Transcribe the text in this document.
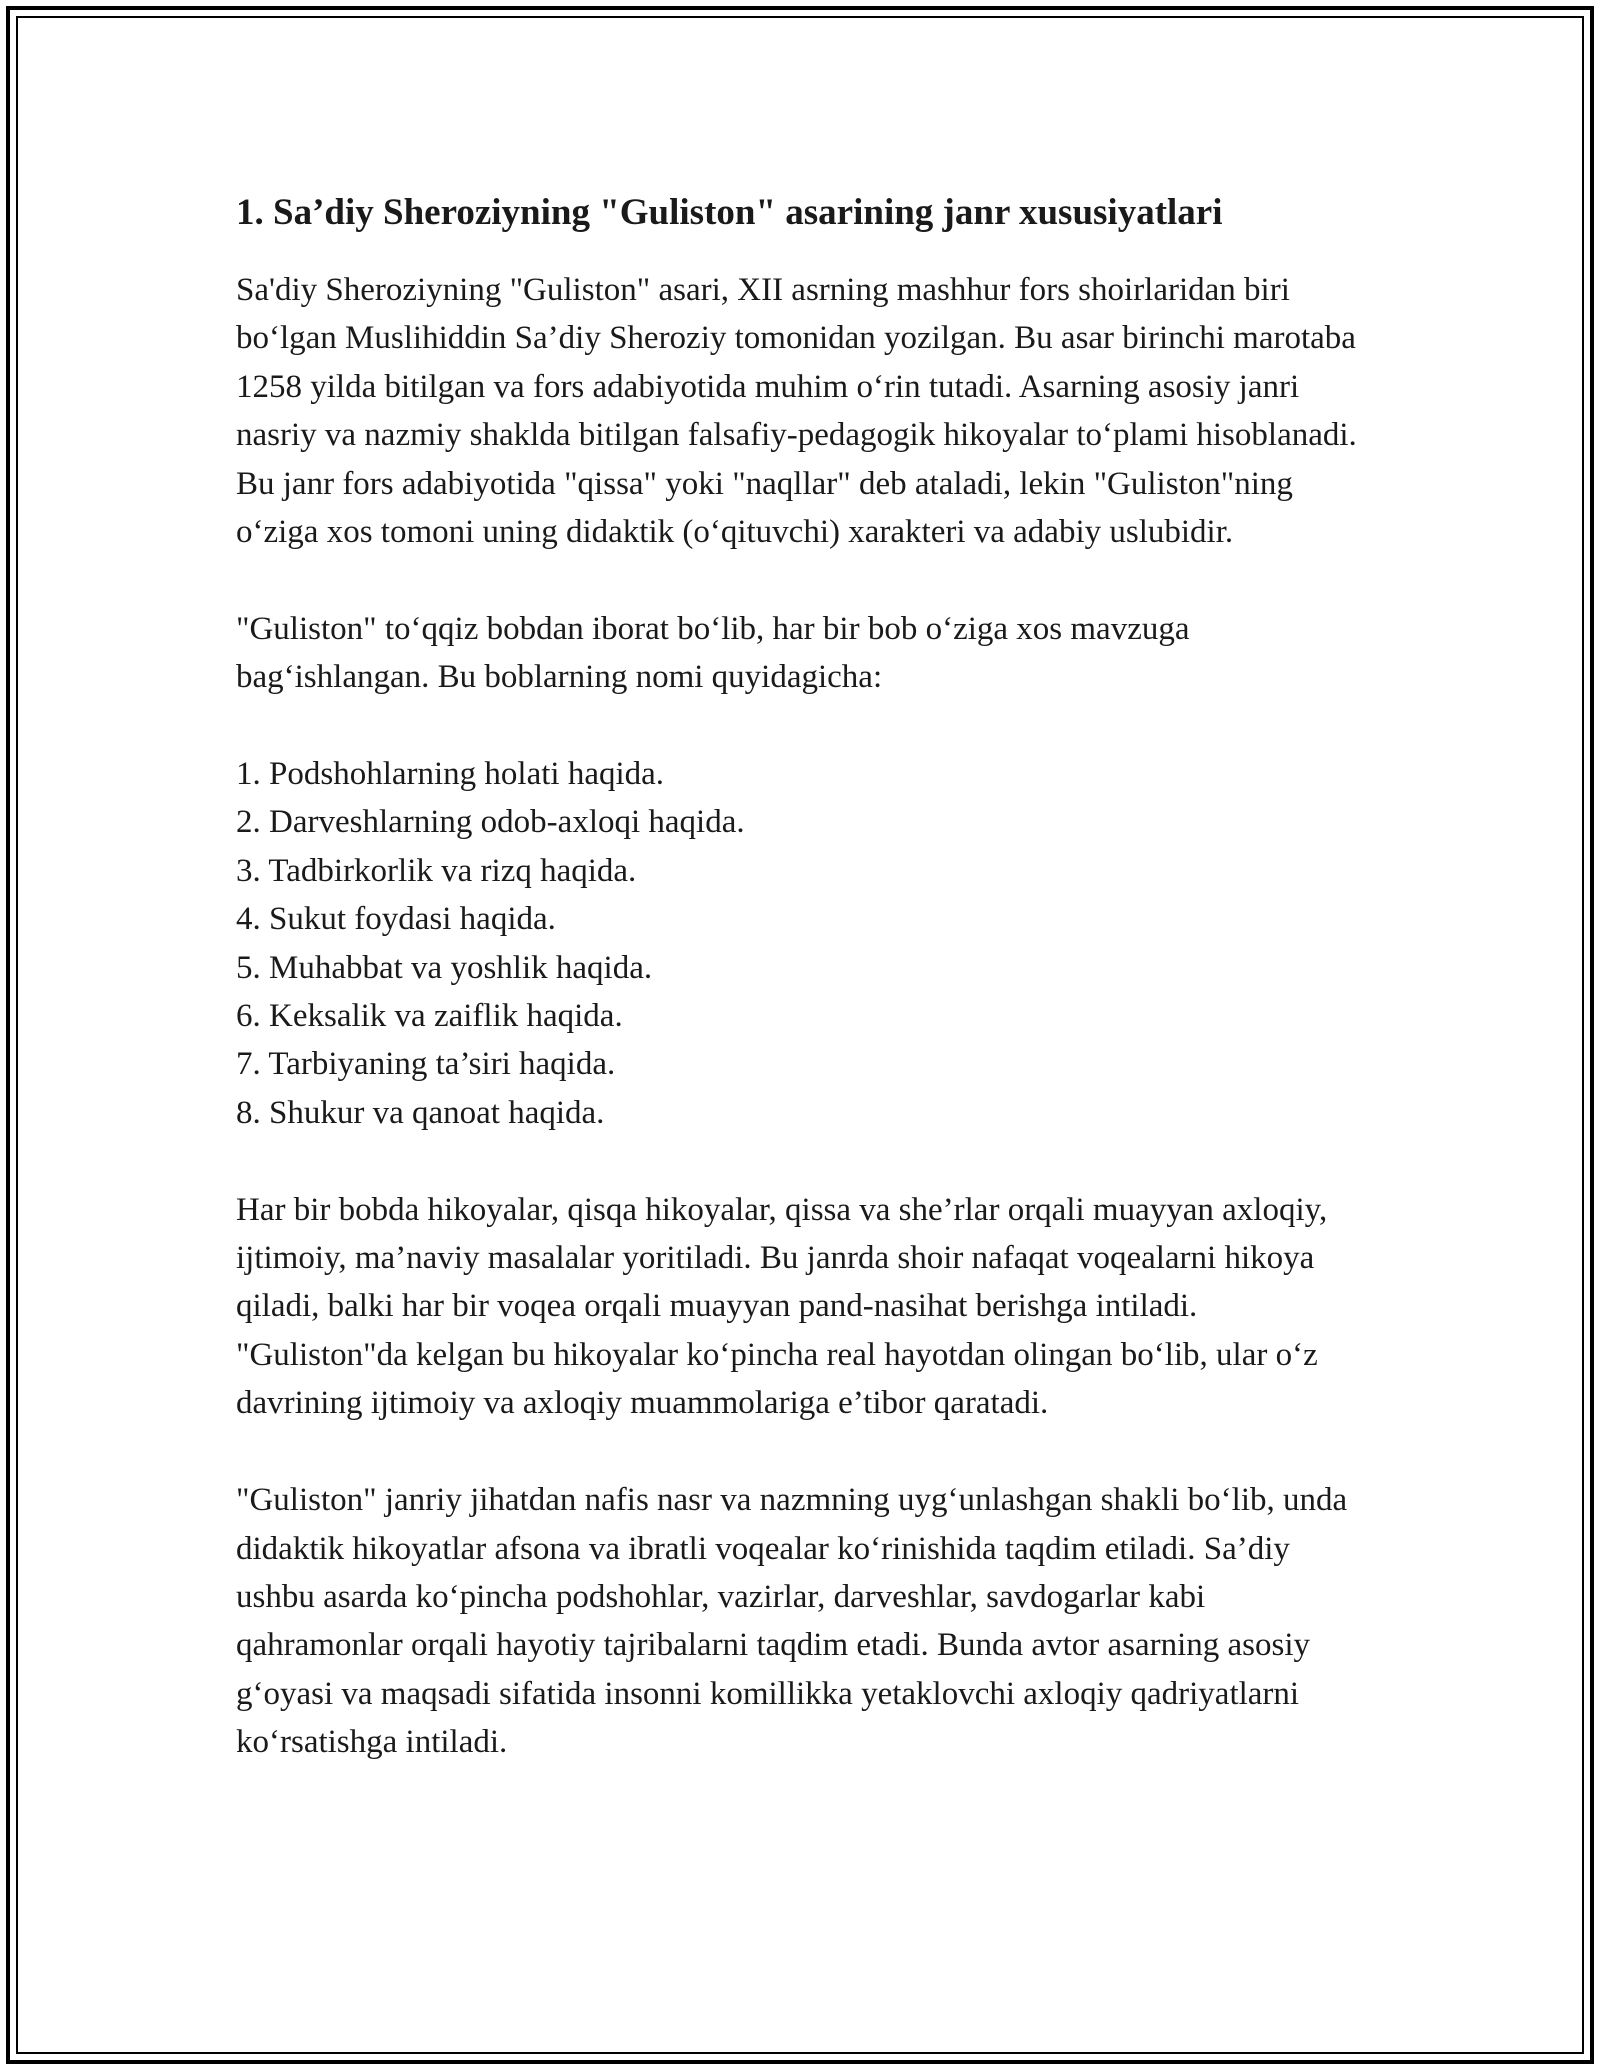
1. Sa’diy Sheroziyning "Guliston" asarining janr xususiyatlari

Sa'diy Sheroziyning "Guliston" asari, XII asrning mashhur fors shoirlaridan biri bo‘lgan Muslihiddin Sa’diy Sheroziy tomonidan yozilgan. Bu asar birinchi marotaba 1258 yilda bitilgan va fors adabiyotida muhim o‘rin tutadi. Asarning asosiy janri nasriy va nazmiy shaklda bitilgan falsafiy-pedagogik hikoyalar to‘plami hisoblanadi. Bu janr fors adabiyotida "qissa" yoki "naqllar" deb ataladi, lekin "Guliston"ning o‘ziga xos tomoni uning didaktik (o‘qituvchi) xarakteri va adabiy uslubidir.

"Guliston" to‘qqiz bobdan iborat bo‘lib, har bir bob o‘ziga xos mavzuga bag‘ishlangan. Bu boblarning nomi quyidagicha:

1. Podshohlarning holati haqida.
2. Darveshlarning odob-axloqi haqida.
3. Tadbirkorlik va rizq haqida.
4. Sukut foydasi haqida.
5. Muhabbat va yoshlik haqida.
6. Keksalik va zaiflik haqida.
7. Tarbiyaning ta’siri haqida.
8. Shukur va qanoat haqida.

Har bir bobda hikoyalar, qisqa hikoyalar, qissa va she’rlar orqali muayyan axloqiy, ijtimoiy, ma’naviy masalalar yoritiladi. Bu janrda shoir nafaqat voqealarni hikoya qiladi, balki har bir voqea orqali muayyan pand-nasihat berishga intiladi. "Guliston"da kelgan bu hikoyalar ko‘pincha real hayotdan olingan bo‘lib, ular o‘z davrining ijtimoiy va axloqiy muammolariga e’tibor qaratadi.

"Guliston" janriy jihatdan nafis nasr va nazmning uyg‘unlashgan shakli bo‘lib, unda didaktik hikoyatlar afsona va ibratli voqealar ko‘rinishida taqdim etiladi. Sa’diy ushbu asarda ko‘pincha podshohlar, vazirlar, darveshlar, savdogarlar kabi qahramonlar orqali hayotiy tajribalarni taqdim etadi. Bunda avtor asarning asosiy g‘oyasi va maqsadi sifatida insonni komillikka yetaklovchi axloqiy qadriyatlarni ko‘rsatishga intiladi.
